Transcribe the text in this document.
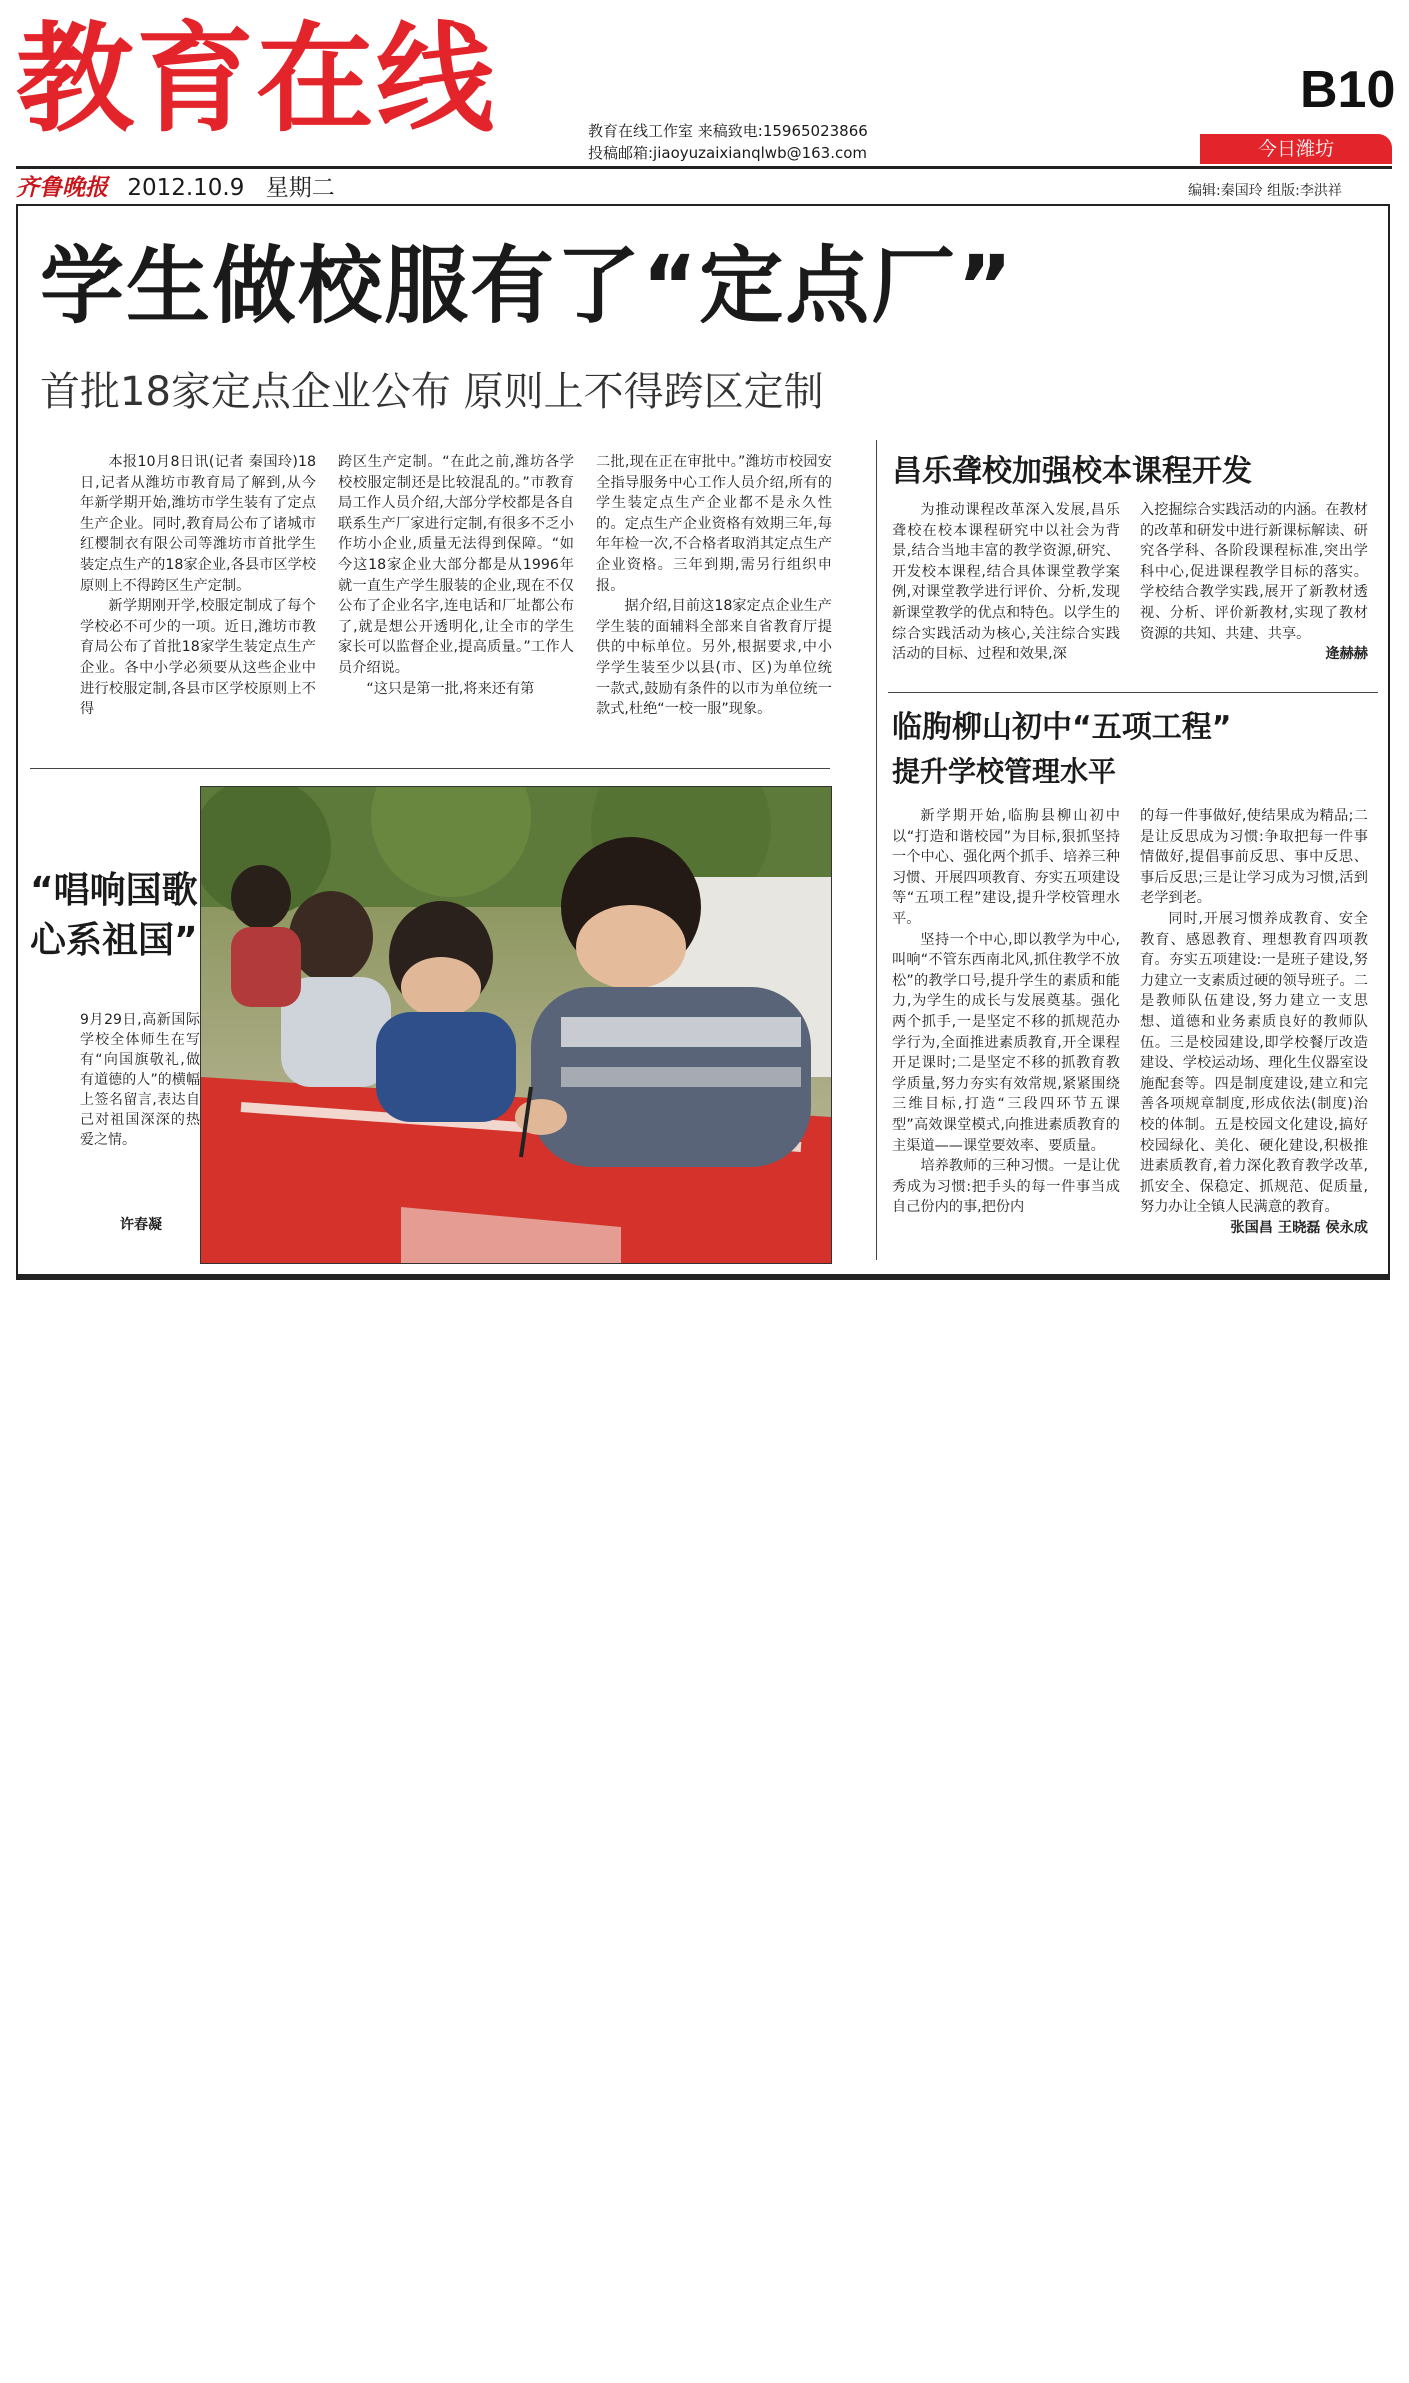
教育在线	教育在线工作室 来稿致电:15965023866
投稿邮箱:jiaoyuzaixianqlwb@163.com
B10
今日潍坊
齐鲁晚报 2012.10.9 星期二	编辑:秦国玲 组版:李洪祥
学生做校服有了“定点厂”
首批18家定点企业公布 原则上不得跨区定制

本报10月8日讯(记者 秦国玲)18日,记者从潍坊市教育局了解到,从今年新学期开始,潍坊市学生装有了定点生产企业。同时,教育局公布了诸城市红樱制衣有限公司等潍坊市首批学生装定点生产的18家企业,各县市区学校原则上不得跨区生产定制。

新学期刚开学,校服定制成了每个学校必不可少的一项。近日,潍坊市教育局公布了首批18家学生装定点生产企业。各中小学必须要从这些企业中进行校服定制,各县市区学校原则上不得

跨区生产定制。“在此之前,潍坊各学校校服定制还是比较混乱的。”市教育局工作人员介绍,大部分学校都是各自联系生产厂家进行定制,有很多不乏小作坊小企业,质量无法得到保障。“如今这18家企业大部分都是从1996年就一直生产学生服装的企业,现在不仅公布了企业名字,连电话和厂址都公布了,就是想公开透明化,让全市的学生家长可以监督企业,提高质量。”工作人员介绍说。

“这只是第一批,将来还有第

二批,现在正在审批中。”潍坊市校园安全指导服务中心工作人员介绍,所有的学生装定点生产企业都不是永久性的。定点生产企业资格有效期三年,每年年检一次,不合格者取消其定点生产企业资格。三年到期,需另行组织申报。

据介绍,目前这18家定点企业生产学生装的面辅料全部来自省教育厅提供的中标单位。另外,根据要求,中小学学生装至少以县(市、区)为单位统一款式,鼓励有条件的以市为单位统一款式,杜绝“一校一服”现象。

“唱响国歌 心系祖国”
9月29日,高新国际学校全体师生在写有“向国旗敬礼,做有道德的人”的横幅上签名留言,表达自己对祖国深深的热爱之情。
许春凝
昌乐聋校加强校本课程开发

为推动课程改革深入发展,昌乐聋校在校本课程研究中以社会为背景,结合当地丰富的教学资源,研究、开发校本课程,结合具体课堂教学案例,对课堂教学进行评价、分析,发现新课堂教学的优点和特色。以学生的综合实践活动为核心,关注综合实践活动的目标、过程和效果,深

入挖掘综合实践活动的内涵。在教材的改革和研发中进行新课标解读、研究各学科、各阶段课程标准,突出学科中心,促进课程教学目标的落实。学校结合教学实践,展开了新教材透视、分析、评价新教材,实现了教材资源的共知、共建、共享。

逄赫赫

临朐柳山初中“五项工程”
提升学校管理水平

新学期开始,临朐县柳山初中以“打造和谐校园”为目标,狠抓坚持一个中心、强化两个抓手、培养三种习惯、开展四项教育、夯实五项建设等“五项工程”建设,提升学校管理水平。

坚持一个中心,即以教学为中心,叫响“不管东西南北风,抓住教学不放松”的教学口号,提升学生的素质和能力,为学生的成长与发展奠基。强化两个抓手,一是坚定不移的抓规范办学行为,全面推进素质教育,开全课程开足课时;二是坚定不移的抓教育教学质量,努力夯实有效常规,紧紧围绕三维目标,打造“三段四环节五课型”高效课堂模式,向推进素质教育的主渠道——课堂要效率、要质量。

培养教师的三种习惯。一是让优秀成为习惯:把手头的每一件事当成自己份内的事,把份内

的每一件事做好,使结果成为精品;二是让反思成为习惯:争取把每一件事情做好,提倡事前反思、事中反思、事后反思;三是让学习成为习惯,活到老学到老。

同时,开展习惯养成教育、安全教育、感恩教育、理想教育四项教育。夯实五项建设:一是班子建设,努力建立一支素质过硬的领导班子。二是教师队伍建设,努力建立一支思想、道德和业务素质良好的教师队伍。三是校园建设,即学校餐厅改造建设、学校运动场、理化生仪器室设施配套等。四是制度建设,建立和完善各项规章制度,形成依法(制度)治校的体制。五是校园文化建设,搞好校园绿化、美化、硬化建设,积极推进素质教育,着力深化教育教学改革,抓安全、保稳定、抓规范、促质量,努力办让全镇人民满意的教育。

张国昌 王晓磊 侯永成
